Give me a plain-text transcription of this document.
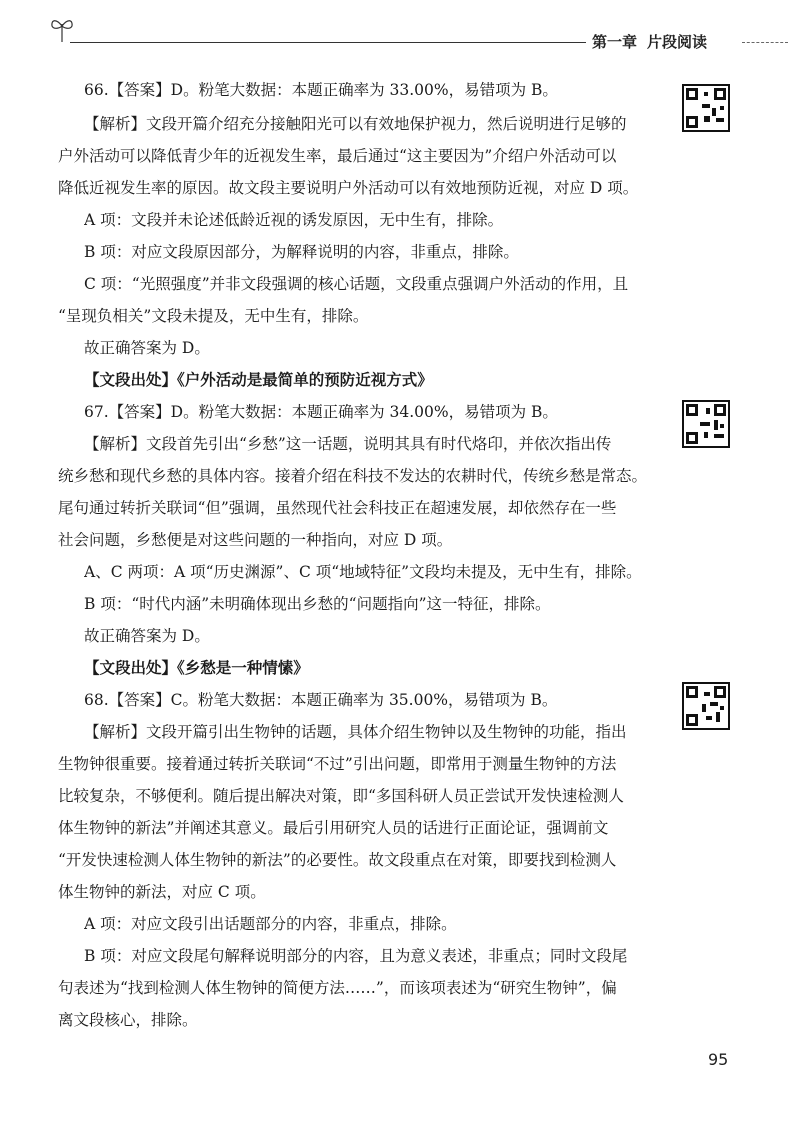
第一章 片段阅读
66.【答案】D。粉笔大数据：本题正确率为 33.00%，易错项为 B。
【解析】文段开篇介绍充分接触阳光可以有效地保护视力，然后说明进行足够的
户外活动可以降低青少年的近视发生率，最后通过“这主要因为”介绍户外活动可以
降低近视发生率的原因。故文段主要说明户外活动可以有效地预防近视，对应 D 项。
A 项：文段并未论述低龄近视的诱发原因，无中生有，排除。
B 项：对应文段原因部分，为解释说明的内容，非重点，排除。
C 项：“光照强度”并非文段强调的核心话题，文段重点强调户外活动的作用，且
“呈现负相关”文段未提及，无中生有，排除。
故正确答案为 D。
【文段出处】《户外活动是最简单的预防近视方式》
67.【答案】D。粉笔大数据：本题正确率为 34.00%，易错项为 B。
【解析】文段首先引出“乡愁”这一话题，说明其具有时代烙印，并依次指出传
统乡愁和现代乡愁的具体内容。接着介绍在科技不发达的农耕时代，传统乡愁是常态。
尾句通过转折关联词“但”强调，虽然现代社会科技正在超速发展，却依然存在一些
社会问题，乡愁便是对这些问题的一种指向，对应 D 项。
A、C 两项：A 项“历史渊源”、C 项“地域特征”文段均未提及，无中生有，排除。
B 项：“时代内涵”未明确体现出乡愁的“问题指向”这一特征，排除。
故正确答案为 D。
【文段出处】《乡愁是一种情愫》
68.【答案】C。粉笔大数据：本题正确率为 35.00%，易错项为 B。
【解析】文段开篇引出生物钟的话题，具体介绍生物钟以及生物钟的功能，指出
生物钟很重要。接着通过转折关联词“不过”引出问题，即常用于测量生物钟的方法
比较复杂，不够便利。随后提出解决对策，即“多国科研人员正尝试开发快速检测人
体生物钟的新法”并阐述其意义。最后引用研究人员的话进行正面论证，强调前文
“开发快速检测人体生物钟的新法”的必要性。故文段重点在对策，即要找到检测人
体生物钟的新法，对应 C 项。
A 项：对应文段引出话题部分的内容，非重点，排除。
B 项：对应文段尾句解释说明部分的内容，且为意义表述，非重点；同时文段尾
句表述为“找到检测人体生物钟的简便方法……”，而该项表述为“研究生物钟”，偏
离文段核心，排除。
95
